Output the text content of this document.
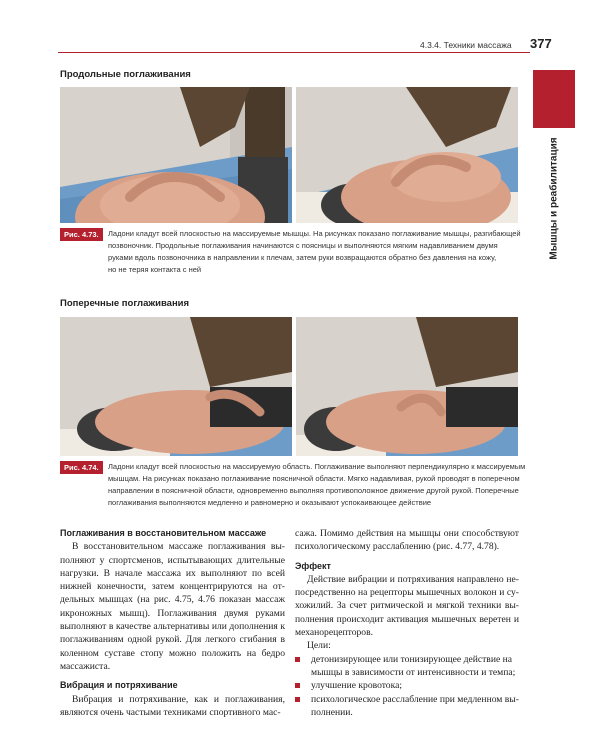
4.3.4. Техники массажа 377
Мышцы и реабилитация
Продольные поглаживания
Рис. 4.73.	Ладони кладут всей плоскостью на массируемые мышцы. На рисунках показано поглаживание мышцы, разгибающей
позвоночник. Продольные поглаживания начинаются с поясницы и выполняются мягким надавливанием двумя
руками вдоль позвоночника в направлении к плечам, затем руки возвращаются обратно без давления на кожу,
но не теряя контакта с ней
Поперечные поглаживания
Рис. 4.74.	Ладони кладут всей плоскостью на массируемую область. Поглаживание выполняют перпендикулярно к массируемым
мышцам. На рисунках показано поглаживание поясничной области. Мягко надавливая, рукой проводят в поперечном
направлении в поясничной области, одновременно выполняя противоположное движение другой рукой. Поперечные
поглаживания выполняются медленно и равномерно и оказывают успокаивающее действие
Поглаживания в восстановительном массаже

В восстановительном массаже поглаживания вы- полняют у спортсменов, испытывающих длительные нагрузки. В начале массажа их выполняют по всей нижней конечности, затем концентрируются на от- дельных мышцах (на рис. 4.75, 4.76 показан массаж икроножных мышц). Поглаживания двумя руками выполняют в качестве альтернативы или дополнения к поглаживаниям одной рукой. Для легкого сгибания в коленном суставе стопу можно положить на бедро массажиста.

Вибрация и потряхивание

Вибрация и потряхивание, как и поглаживания, являются очень частыми техниками спортивного мас-

сажа. Помимо действия на мышцы они способствуют психологическому расслаблению (рис. 4.77, 4.78).

Эффект

Действие вибрации и потряхивания направлено не- посредственно на рецепторы мышечных волокон и су- хожилий. За счет ритмической и мягкой техники вы- полнения происходит активация мышечных веретен и механорецепторов.

Цели:

детонизирующее или тонизирующее действие на мышцы в зависимости от интенсивности и темпа;
улучшение кровотока;
психологическое расслабление при медленном вы- полнении.
